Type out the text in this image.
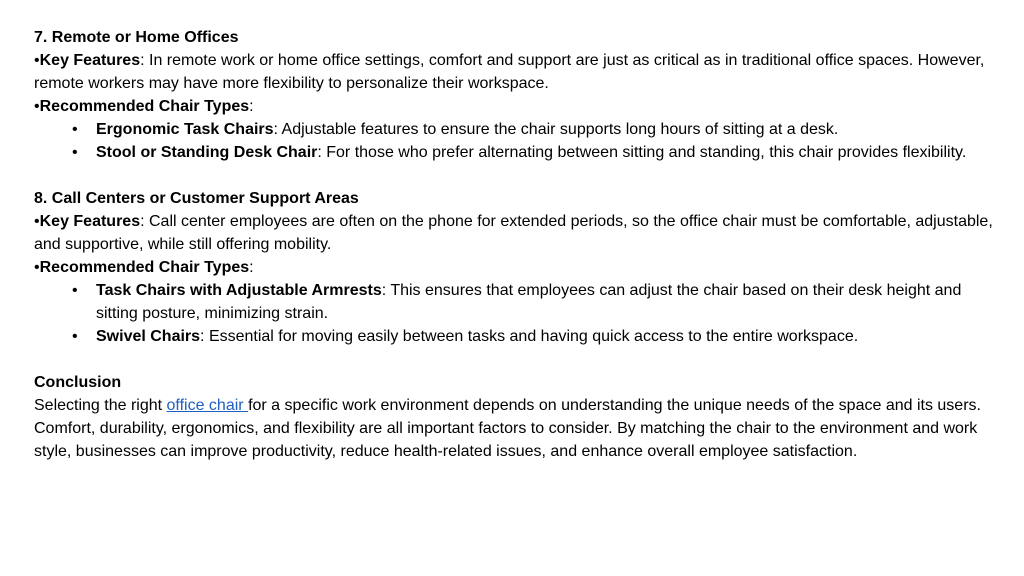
7. Remote or Home Offices

•Key Features: In remote work or home office settings, comfort and support are just as critical as in traditional office spaces. However, remote workers may have more flexibility to personalize their workspace.

•Recommended Chair Types:

• Ergonomic Task Chairs: Adjustable features to ensure the chair supports long hours of sitting at a desk.

• Stool or Standing Desk Chair: For those who prefer alternating between sitting and standing, this chair provides flexibility.

8. Call Centers or Customer Support Areas

•Key Features: Call center employees are often on the phone for extended periods, so the office chair must be comfortable, adjustable, and supportive, while still offering mobility.

•Recommended Chair Types:

• Task Chairs with Adjustable Armrests: This ensures that employees can adjust the chair based on their desk height and sitting posture, minimizing strain.

• Swivel Chairs: Essential for moving easily between tasks and having quick access to the entire workspace.

Conclusion

Selecting the right office chair for a specific work environment depends on understanding the unique needs of the space and its users. Comfort, durability, ergonomics, and flexibility are all important factors to consider. By matching the chair to the environment and work style, businesses can improve productivity, reduce health-related issues, and enhance overall employee satisfaction.
